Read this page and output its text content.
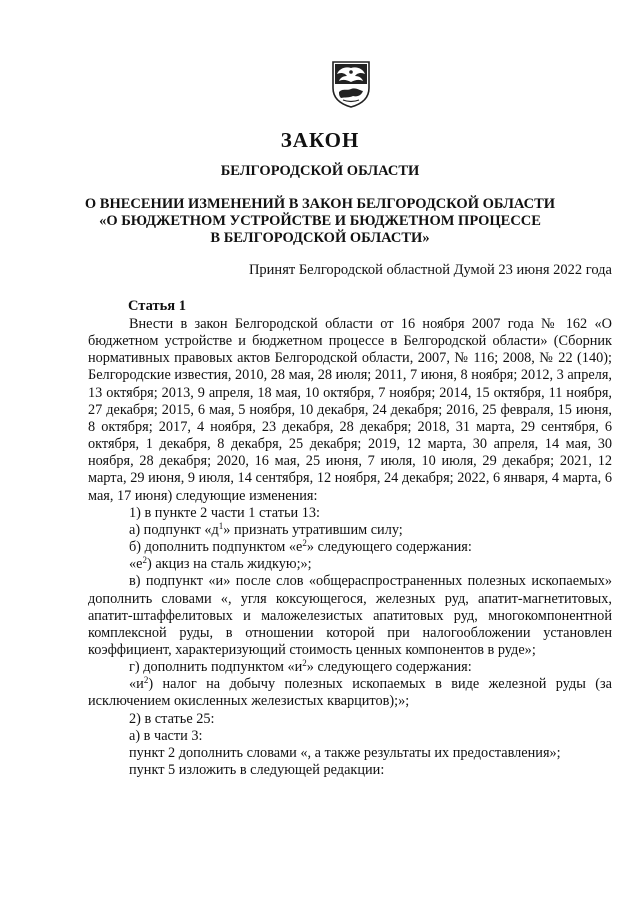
ЗАКОН
БЕЛГОРОДСКОЙ ОБЛАСТИ
О ВНЕСЕНИИ ИЗМЕНЕНИЙ В ЗАКОН БЕЛГОРОДСКОЙ ОБЛАСТИ
«О БЮДЖЕТНОМ УСТРОЙСТВЕ И БЮДЖЕТНОМ ПРОЦЕССЕ
В БЕЛГОРОДСКОЙ ОБЛАСТИ»
Принят Белгородской областной Думой 23 июня 2022 года
Статья 1

Внести в закон Белгородской области от 16 ноября 2007 года № 162 «О бюджетном устройстве и бюджетном процессе в Белгородской области» (Сборник нормативных правовых актов Белгородской области, 2007, № 116; 2008, № 22 (140); Белгородские известия, 2010, 28 мая, 28 июля; 2011, 7 июня, 8 ноября; 2012, 3 апреля, 13 октября; 2013, 9 апреля, 18 мая, 10 октября, 7 ноября; 2014, 15 октября, 11 ноября, 27 декабря; 2015, 6 мая, 5 ноября, 10 декабря, 24 декабря; 2016, 25 февраля, 15 июня, 8 октября; 2017, 4 ноября, 23 декабря, 28 декабря; 2018, 31 марта, 29 сентября, 6 октября, 1 декабря, 8 декабря, 25 декабря; 2019, 12 марта, 30 апреля, 14 мая, 30 ноября, 28 декабря; 2020, 16 мая, 25 июня, 7 июля, 10 июля, 29 декабря; 2021, 12 марта, 29 июня, 9 июля, 14 сентября, 12 ноября, 24 декабря; 2022, 6 января, 4 марта, 6 мая, 17 июня) следующие изменения:

1) в пункте 2 части 1 статьи 13:

а) подпункт «$д^1$» признать утратившим силу;

б) дополнить подпунктом «$е^2$» следующего содержания:

«$е^2$) акциз на сталь жидкую;»;

в) подпункт «и» после слов «общераспространенных полезных ископаемых» дополнить словами «, угля коксующегося, железных руд, апатит-магнетитовых, апатит-штаффелитовых и маложелезистых апатитовых руд, многокомпонентной комплексной руды, в отношении которой при налогообложении установлен коэффициент, характеризующий стоимость ценных компонентов в руде»;

г) дополнить подпунктом «$и^2$» следующего содержания:

«$и^2$) налог на добычу полезных ископаемых в виде железной руды (за исключением окисленных железистых кварцитов);»;

2) в статье 25:

а) в части 3:

пункт 2 дополнить словами «, а также результаты их предоставления»;

пункт 5 изложить в следующей редакции:
